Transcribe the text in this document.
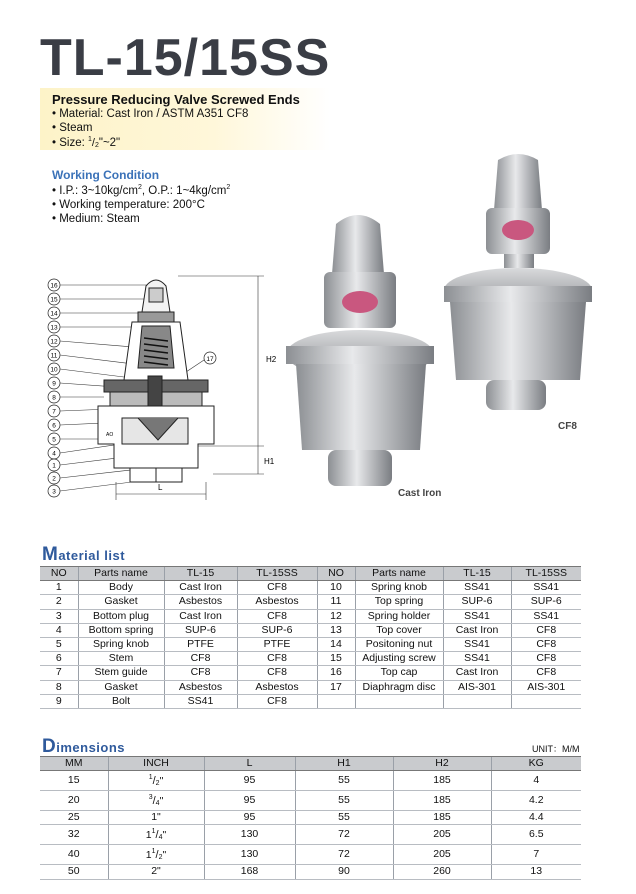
TL-15/15SS
Pressure Reducing Valve Screwed Ends
• Material: Cast Iron / ASTM A351 CF8
• Steam
• Size: $^1/_2"\sim 2$"
Working Condition
• I.P.: $3\sim 10kg/cm^2$, O.P.: $1\sim 4kg/cm^2$
• Working temperature: 200°C
• Medium: Steam
16
15
14
13
12
11
10
9
8
7
6
5
4
1
2
3
H2
H1
L
AO
17
Cast Iron
CF8
Material list
NO	Parts name	TL-15	TL-15SS	NO	Parts name	TL-15	TL-15SS
1	Body	Cast Iron	CF8	10	Spring knob	SS41	SS41
2	Gasket	Asbestos	Asbestos	11	Top spring	SUP-6	SUP-6
3	Bottom plug	Cast Iron	CF8	12	Spring holder	SS41	SS41
4	Bottom spring	SUP-6	SUP-6	13	Top cover	Cast Iron	CF8
5	Spring knob	PTFE	PTFE	14	Positoning nut	SS41	CF8
6	Stem	CF8	CF8	15	Adjusting screw	SS41	CF8
7	Stem guide	CF8	CF8	16	Top cap	Cast Iron	CF8
8	Gasket	Asbestos	Asbestos	17	Diaphragm disc	AIS-301	AIS-301
9	Bolt	SS41	CF8				
Dimensions	UNIT：M/M
MM	INCH	L	H1	H2	KG
15	$^1/_2$"	95	55	185	4
20	$^3/_4$"	95	55	185	4.2
25	1"	95	55	185	4.4
32	$1^1/_4$"	130	72	205	6.5
40	$1^1/_2$"	130	72	205	7
50	2"	168	90	260	13
